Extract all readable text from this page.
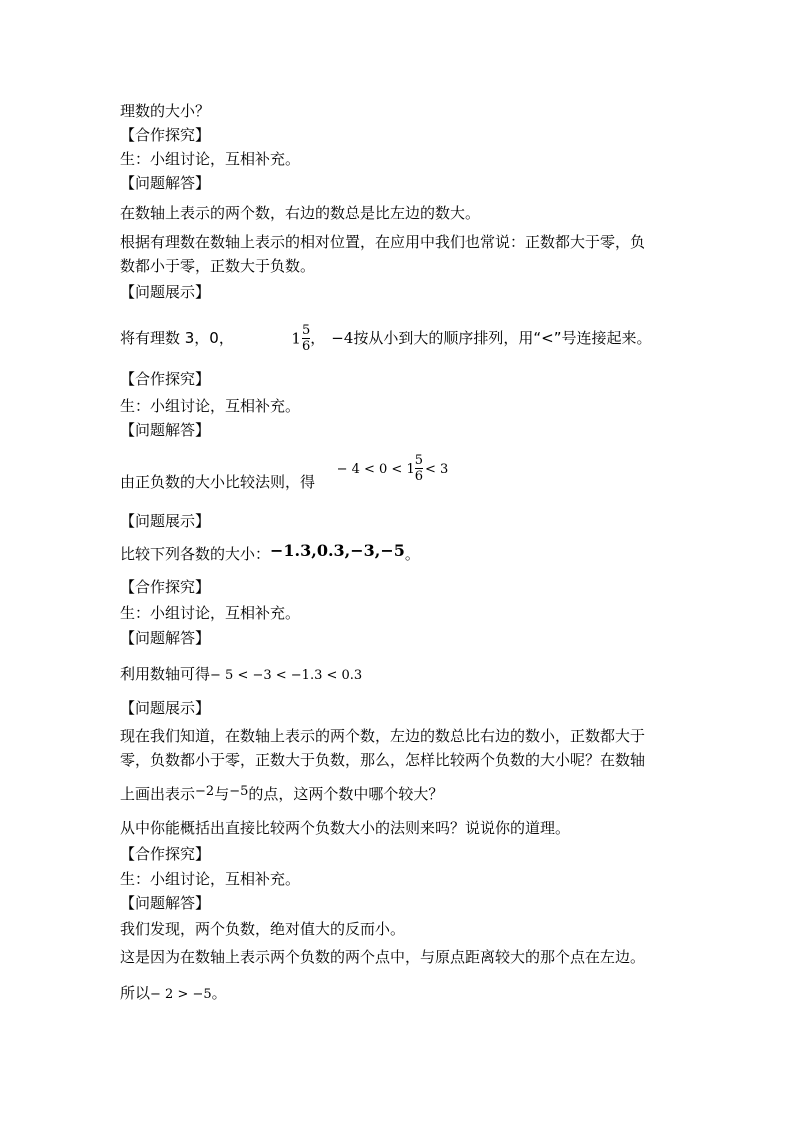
理数的大小？
【合作探究】
生：小组讨论，互相补充。
【问题解答】
在数轴上表示的两个数，右边的数总是比左边的数大。
根据有理数在数轴上表示的相对位置，在应用中我们也常说：正数都大于零，负
数都小于零，正数大于负数。
【问题展示】
将有理数 3，0，	$1 \frac{5}{6}$ ， −4按从小到大的顺序排列，用“<”号连接起来。
【合作探究】
生：小组讨论，互相补充。
【问题解答】
由正负数的大小比较法则，得  − $4 < 0 < 1 \frac{5}{6} < 3$
【问题展示】
比较下列各数的大小：−1.3,0.3,−3,−5。
【合作探究】
生：小组讨论，互相补充。
【问题解答】
利用数轴可得− 5 < −3 < −1.3 < 0.3
【问题展示】
现在我们知道，在数轴上表示的两个数，左边的数总比右边的数小，正数都大于
零，负数都小于零，正数大于负数，那么，怎样比较两个负数的大小呢？在数轴
上画出表示−2与−5的点，这两个数中哪个较大？
从中你能概括出直接比较两个负数大小的法则来吗？说说你的道理。
【合作探究】
生：小组讨论，互相补充。
【问题解答】
我们发现，两个负数，绝对值大的反而小。
这是因为在数轴上表示两个负数的两个点中，与原点距离较大的那个点在左边。
所以− 2 > −5。
